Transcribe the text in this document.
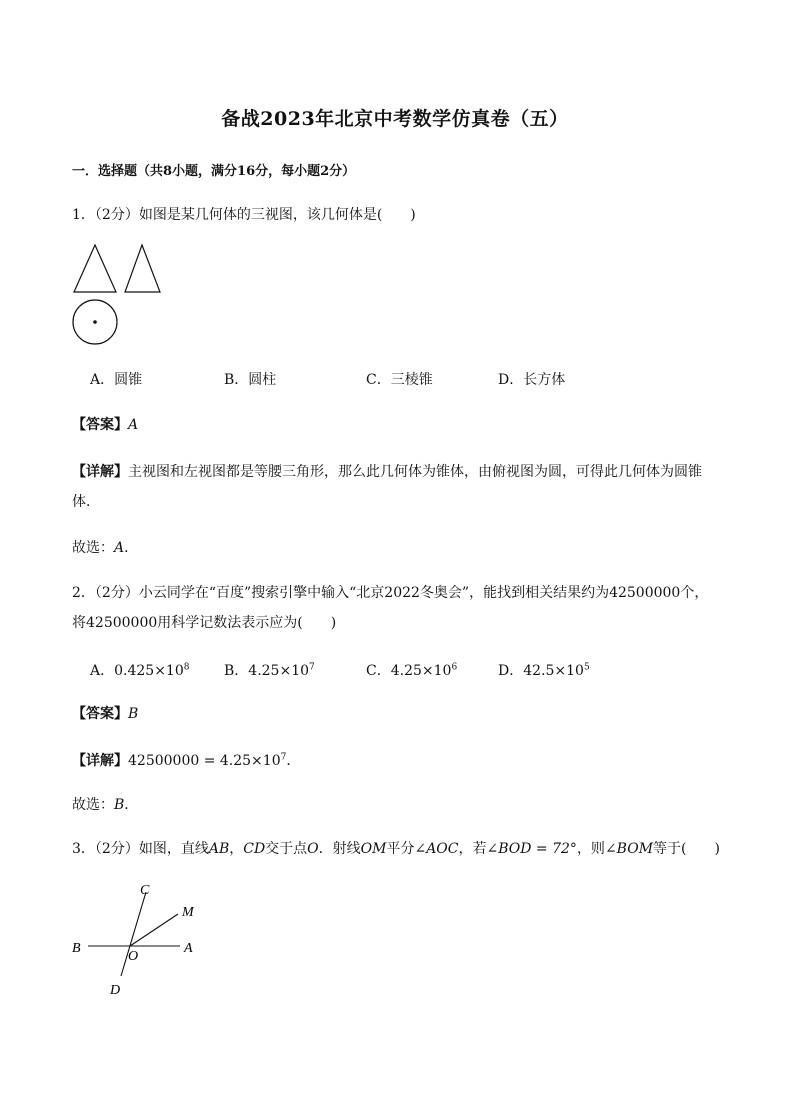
备战2023年北京中考数学仿真卷（五）
一．选择题（共8小题，满分16分，每小题2分）
1．（2分）如图是某几何体的三视图，该几何体是(　　)
A．圆锥	B．圆柱	C．三棱锥	D．长方体
【答案】A
【详解】主视图和左视图都是等腰三角形，那么此几何体为锥体，由俯视图为圆，可得此几何体为圆锥
体．
故选：A．
2．（2分）小云同学在“百度”搜索引擎中输入“北京2022冬奥会”，能找到相关结果约为42500000个，
将42500000用科学记数法表示应为(　　)
A．$0.425\times 10^8$ B．$4.25\times 10^7$	C．$4.25\times 10^6$	D．$42.5\times 10^5$
【答案】B
【详解】$42500000 = 4.25\times 10^7$．
故选：B．
3．（2分）如图，直线AB，CD交于点O．射线OM平分∠AOC，若∠BOD = 72°，则∠BOM等于(　　)
C
M
B
O
A
D
